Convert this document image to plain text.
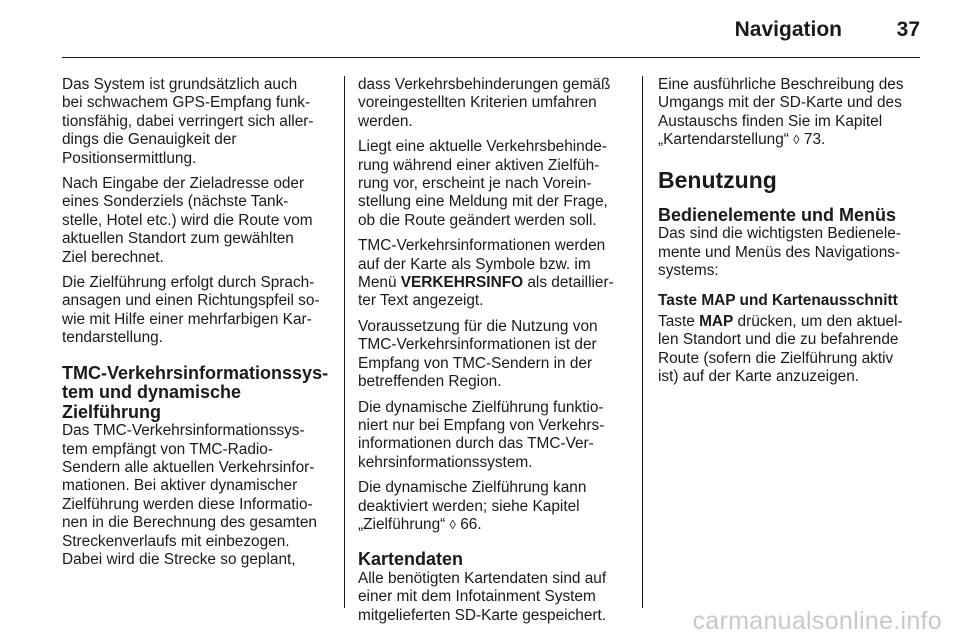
Navigation	37

Das System ist grundsätzlich auch
bei schwachem GPS-Empfang funk-
tionsfähig, dabei verringert sich aller-
dings die Genauigkeit der
Positionsermittlung.

Nach Eingabe der Zieladresse oder
eines Sonderziels (nächste Tank-
stelle, Hotel etc.) wird die Route vom
aktuellen Standort zum gewählten
Ziel berechnet.

Die Zielführung erfolgt durch Sprach-
ansagen und einen Richtungspfeil so-
wie mit Hilfe einer mehrfarbigen Kar-
tendarstellung.

TMC-Verkehrsinformationssys-
tem und dynamische
Zielführung

Das TMC-Verkehrsinformationssys-
tem empfängt von TMC-Radio-
Sendern alle aktuellen Verkehrsinfor-
mationen. Bei aktiver dynamischer
Zielführung werden diese Informatio-
nen in die Berechnung des gesamten
Streckenverlaufs mit einbezogen.
Dabei wird die Strecke so geplant,

dass Verkehrsbehinderungen gemäß
voreingestellten Kriterien umfahren
werden.

Liegt eine aktuelle Verkehrsbehinde-
rung während einer aktiven Zielfüh-
rung vor, erscheint je nach Vorein-
stellung eine Meldung mit der Frage,
ob die Route geändert werden soll.

TMC-Verkehrsinformationen werden
auf der Karte als Symbole bzw. im
Menü VERKEHRSINFO als detaillier-
ter Text angezeigt.

Voraussetzung für die Nutzung von
TMC-Verkehrsinformationen ist der
Empfang von TMC-Sendern in der
betreffenden Region.

Die dynamische Zielführung funktio-
niert nur bei Empfang von Verkehrs-
informationen durch das TMC-Ver-
kehrsinformationssystem.

Die dynamische Zielführung kann
deaktiviert werden; siehe Kapitel
„Zielführung“ ◊ 66.

Kartendaten

Alle benötigten Kartendaten sind auf
einer mit dem Infotainment System
mitgelieferten SD-Karte gespeichert.

Eine ausführliche Beschreibung des
Umgangs mit der SD-Karte und des
Austauschs finden Sie im Kapitel
„Kartendarstellung“ ◊ 73.

Benutzung
Bedienelemente und Menüs

Das sind die wichtigsten Bedienele-
mente und Menüs des Navigations-
systems:

Taste MAP und Kartenausschnitt

Taste MAP drücken, um den aktuel-
len Standort und die zu befahrende
Route (sofern die Zielführung aktiv
ist) auf der Karte anzuzeigen.

carmanualsonline.info
